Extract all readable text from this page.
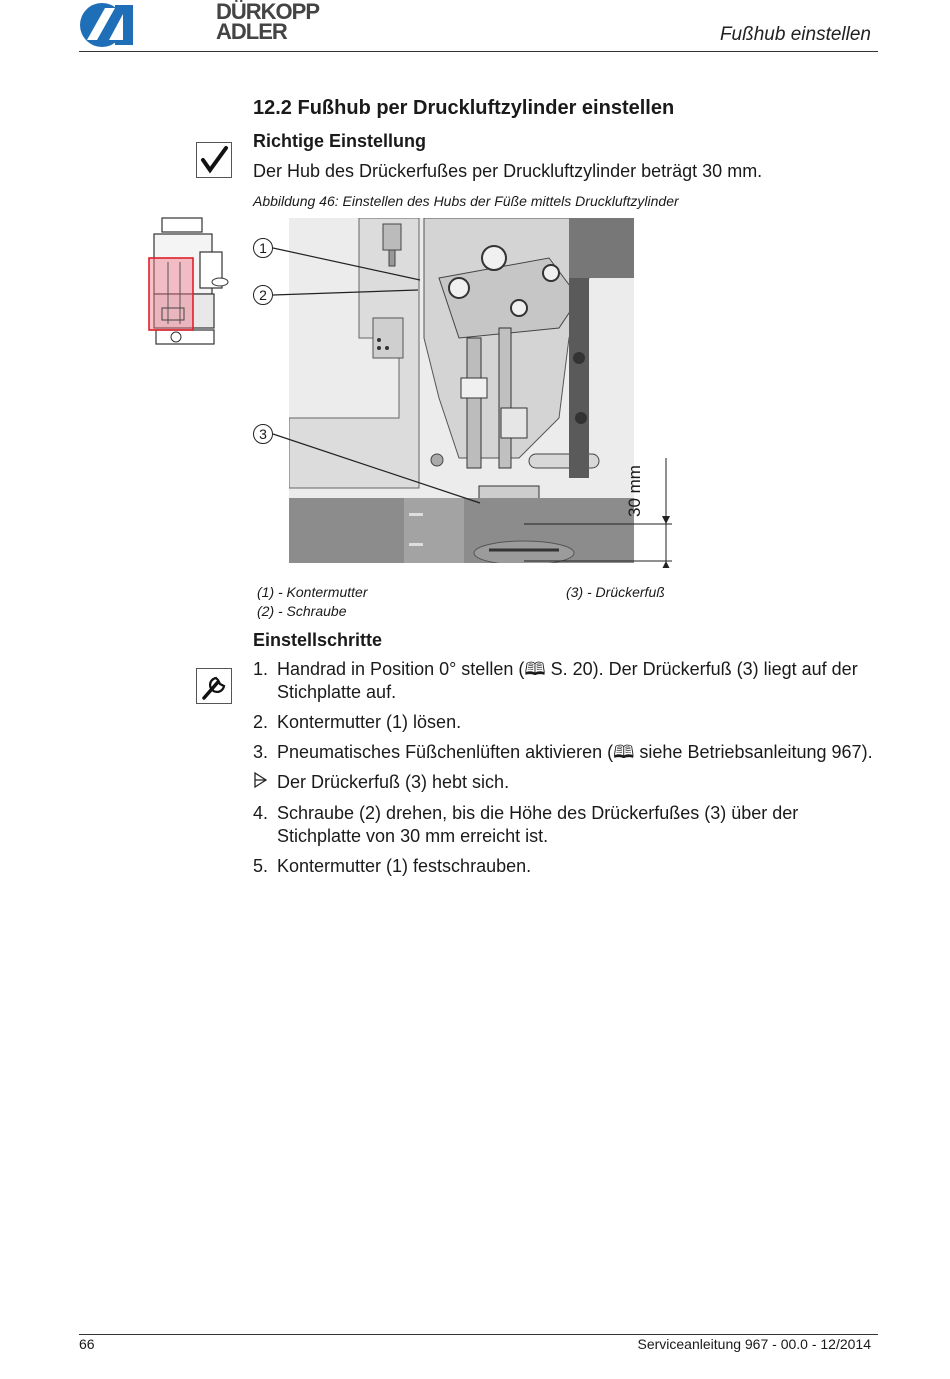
DÜRKOPP
ADLER	Fußhub einstellen
12.2 Fußhub per Druckluftzylinder einstellen
Richtige Einstellung
Der Hub des Drückerfußes per Druckluftzylinder beträgt 30 mm.
Abbildung 46: Einstellen des Hubs der Füße mittels Druckluftzylinder
1
2
3
30 mm
(1) - Kontermutter
(2) - Schraube
(3) - Drückerfuß
Einstellschritte
1. Handrad in Position 0° stellen (🕮 S. 20). Der Drückerfuß (3) liegt auf der Stichplatte auf.
2. Kontermutter (1) lösen.
3. Pneumatisches Füßchenlüften aktivieren (🕮 siehe Betriebsanleitung 967).
Der Drückerfuß (3) hebt sich.
4. Schraube (2) drehen, bis die Höhe des Drückerfußes (3) über der Stichplatte von 30 mm erreicht ist.
5. Kontermutter (1) festschrauben.
66	Serviceanleitung 967 - 00.0 - 12/2014
